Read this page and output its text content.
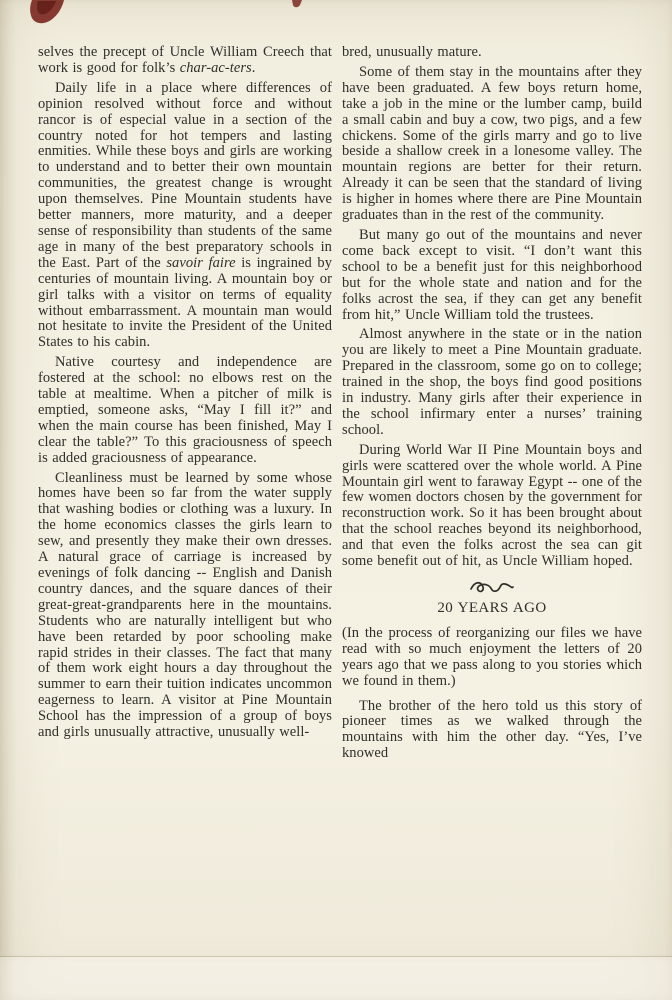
selves the precept of Uncle William Creech that work is good for folk’s char-ac-ters.

Daily life in a place where differences of opinion resolved without force and without rancor is of especial value in a section of the country noted for hot tempers and lasting enmities. While these boys and girls are working to understand and to better their own mountain communities, the greatest change is wrought upon themselves. Pine Mountain students have better manners, more maturity, and a deeper sense of responsibility than students of the same age in many of the best preparatory schools in the East. Part of the savoir faire is ingrained by centuries of mountain living. A mountain boy or girl talks with a visitor on terms of equality without embarrassment. A mountain man would not hesitate to invite the President of the United States to his cabin.

Native courtesy and independence are fostered at the school: no elbows rest on the table at mealtime. When a pitcher of milk is emptied, someone asks, “May I fill it?” and when the main course has been finished, May I clear the table?” To this graciousness of speech is added graciousness of appearance.

Cleanliness must be learned by some whose homes have been so far from the water supply that washing bodies or clothing was a luxury. In the home economics classes the girls learn to sew, and presently they make their own dresses. A natural grace of carriage is increased by evenings of folk dancing -- English and Danish country dances, and the square dances of their great-great-grandparents here in the mountains. Students who are naturally intelligent but who have been retarded by poor schooling make rapid strides in their classes. The fact that many of them work eight hours a day throughout the summer to earn their tuition indicates uncommon eagerness to learn. A visitor at Pine Mountain School has the impression of a group of boys and girls unusually attractive, unusually well-

bred, unusually mature.

Some of them stay in the mountains after they have been graduated. A few boys return home, take a job in the mine or the lumber camp, build a small cabin and buy a cow, two pigs, and a few chickens. Some of the girls marry and go to live beside a shallow creek in a lonesome valley. The mountain regions are better for their return. Already it can be seen that the standard of living is higher in homes where there are Pine Mountain graduates than in the rest of the community.

But many go out of the mountains and never come back except to visit. “I don’t want this school to be a benefit just for this neighborhood but for the whole state and nation and for the folks acrost the sea, if they can get any benefit from hit,” Uncle William told the trustees.

Almost anywhere in the state or in the nation you are likely to meet a Pine Mountain graduate. Prepared in the classroom, some go on to college; trained in the shop, the boys find good positions in industry. Many girls after their experience in the school infirmary enter a nurses’ training school.

During World War II Pine Mountain boys and girls were scattered over the whole world. A Pine Mountain girl went to faraway Egypt -- one of the few women doctors chosen by the government for reconstruction work. So it has been brought about that the school reaches beyond its neighborhood, and that even the folks acrost the sea can git some benefit out of hit, as Uncle William hoped.

20 YEARS AGO

(In the process of reorganizing our files we have read with so much enjoyment the letters of 20 years ago that we pass along to you stories which we found in them.)

The brother of the hero told us this story of pioneer times as we walked through the mountains with him the other day. “Yes, I’ve knowed
